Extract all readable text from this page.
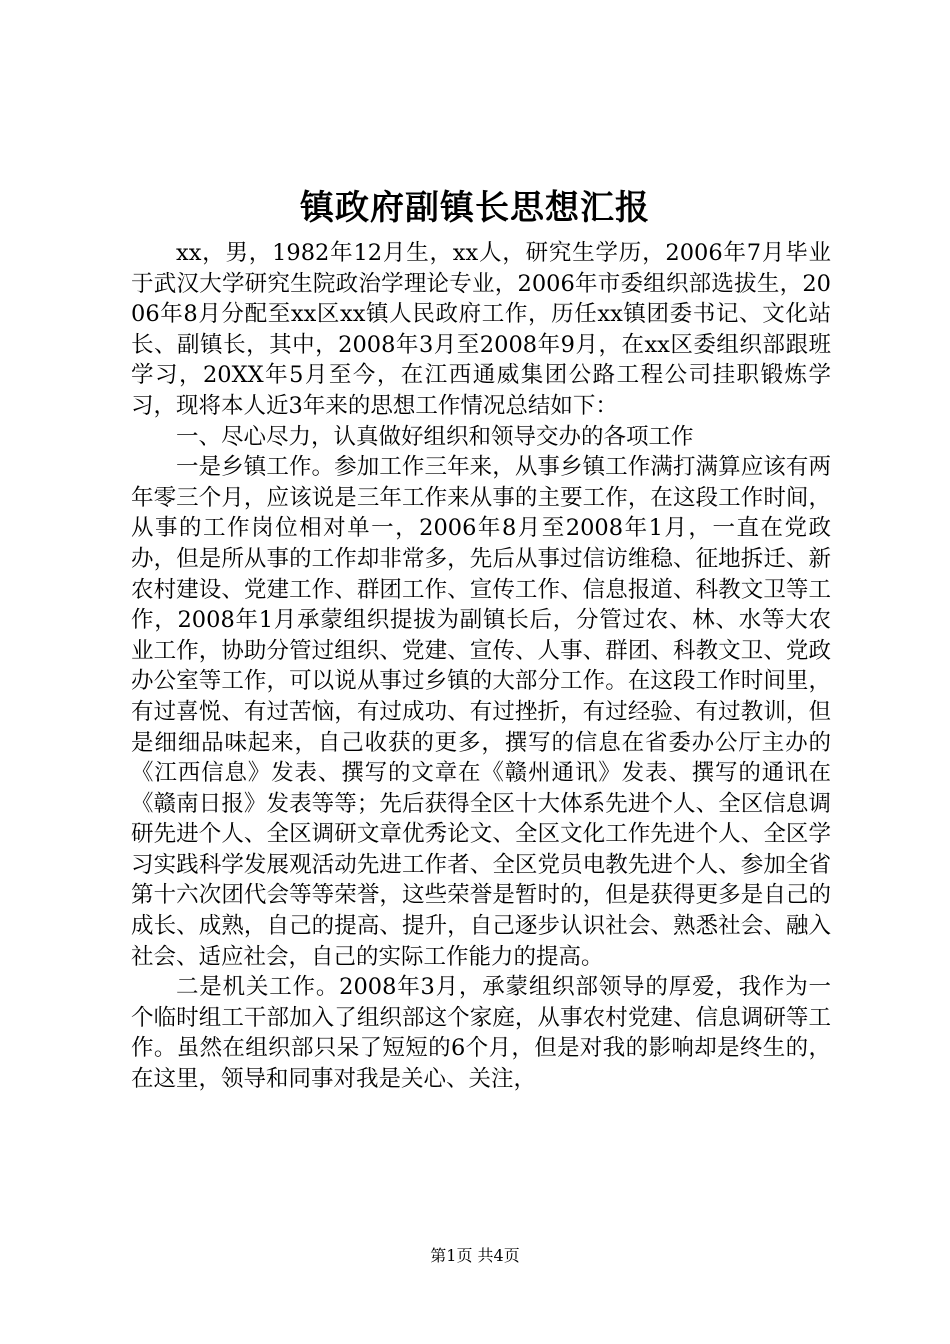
镇政府副镇长思想汇报

xx，男，1982年12月生，xx人，研究生学历，2006年7月毕业于武汉大学研究生院政治学理论专业，2006年市委组织部选拔生，2006年8月分配至xx区xx镇人民政府工作，历任xx镇团委书记、文化站长、副镇长，其中，2008年3月至2008年9月，在xx区委组织部跟班学习，20XX年5月至今，在江西通威集团公路工程公司挂职锻炼学习，现将本人近3年来的思想工作情况总结如下：

一、尽心尽力，认真做好组织和领导交办的各项工作

一是乡镇工作。参加工作三年来，从事乡镇工作满打满算应该有两年零三个月，应该说是三年工作来从事的主要工作，在这段工作时间，从事的工作岗位相对单一，2006年8月至2008年1月，一直在党政办，但是所从事的工作却非常多，先后从事过信访维稳、征地拆迁、新农村建设、党建工作、群团工作、宣传工作、信息报道、科教文卫等工作，2008年1月承蒙组织提拔为副镇长后，分管过农、林、水等大农业工作，协助分管过组织、党建、宣传、人事、群团、科教文卫、党政办公室等工作，可以说从事过乡镇的大部分工作。在这段工作时间里，有过喜悦、有过苦恼，有过成功、有过挫折，有过经验、有过教训，但是细细品味起来，自己收获的更多，撰写的信息在省委办公厅主办的《江西信息》发表、撰写的文章在《赣州通讯》发表、撰写的通讯在《赣南日报》发表等等；先后获得全区十大体系先进个人、全区信息调研先进个人、全区调研文章优秀论文、全区文化工作先进个人、全区学习实践科学发展观活动先进工作者、全区党员电教先进个人、参加全省第十六次团代会等等荣誉，这些荣誉是暂时的，但是获得更多是自己的成长、成熟，自己的提高、提升，自己逐步认识社会、熟悉社会、融入社会、适应社会，自己的实际工作能力的提高。

二是机关工作。2008年3月，承蒙组织部领导的厚爱，我作为一个临时组工干部加入了组织部这个家庭，从事农村党建、信息调研等工作。虽然在组织部只呆了短短的6个月，但是对我的影响却是终生的，在这里，领导和同事对我是关心、关注，

第1页 共4页
